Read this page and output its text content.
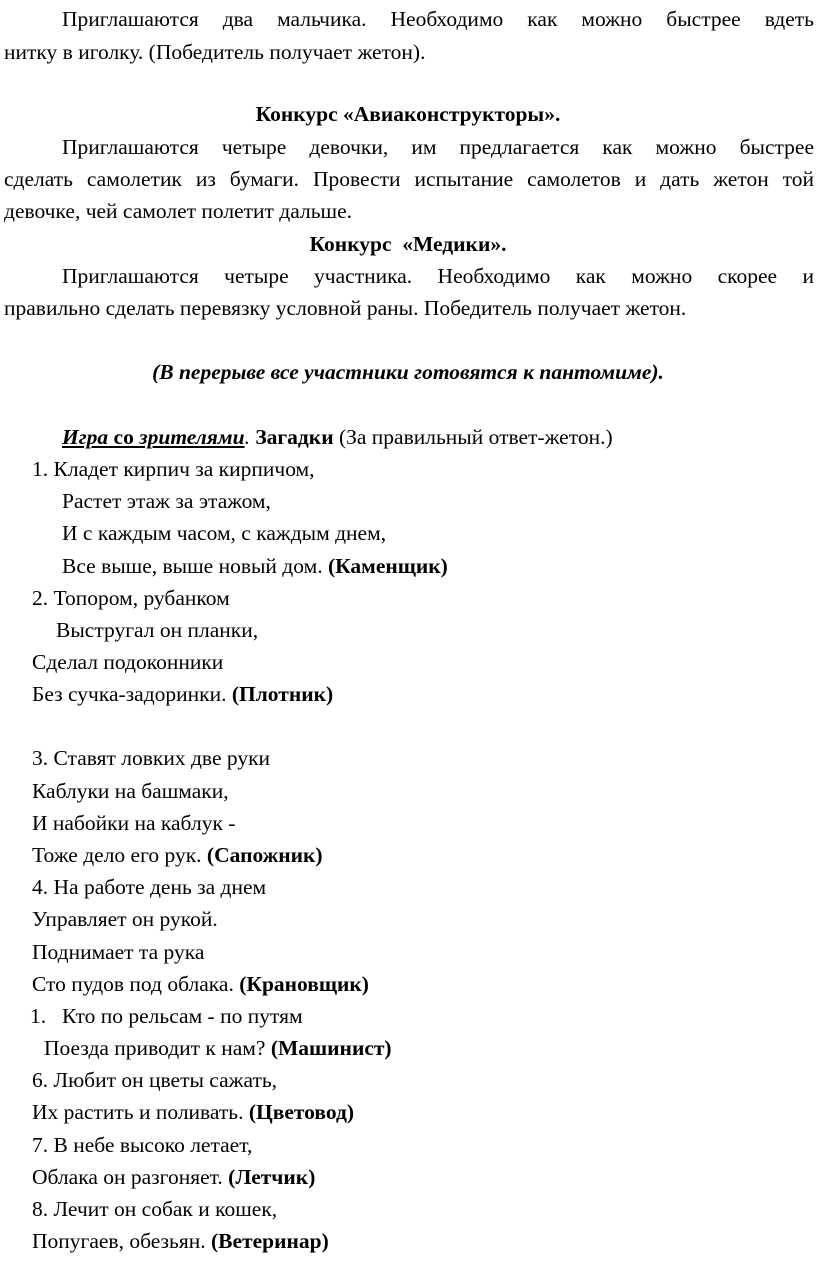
Приглашаются два мальчика. Необходимо как можно быстрее вдеть
нитку в иголку. (Победитель получает жетон).
Конкурс «Авиаконструкторы».
Приглашаются четыре девочки, им предлагается как можно быстрее
сделать самолетик из бумаги. Провести испытание самолетов и дать жетон той
девочке, чей самолет полетит дальше.
Конкурс  «Медики».
Приглашаются четыре участника. Необходимо как можно скорее и
правильно сделать перевязку условной раны. Победитель получает жетон.
(В перерыве все участники готовятся к пантомиме).
Игра со зрителями. Загадки (За правильный ответ-жетон.)
1. Кладет кирпич за кирпичом,
Растет этаж за этажом,
И с каждым часом, с каждым днем,
Все выше, выше новый дом. (Каменщик)
2. Топором, рубанком
Выстругал он планки,
Сделал подоконники
Без сучка-задоринки. (Плотник)
3. Ставят ловких две руки
Каблуки на башмаки,
И набойки на каблук -
Тоже дело его рук. (Сапожник)
4. На работе день за днем
Управляет он рукой.
Поднимает та рука
Сто пудов под облака. (Крановщик)
1. Кто по рельсам - по путям
Поезда приводит к нам? (Машинист)
6. Любит он цветы сажать,
Их растить и поливать. (Цветовод)
7. В небе высоко летает,
Облака он разгоняет. (Летчик)
8. Лечит он собак и кошек,
Попугаев, обезьян. (Ветеринар)
